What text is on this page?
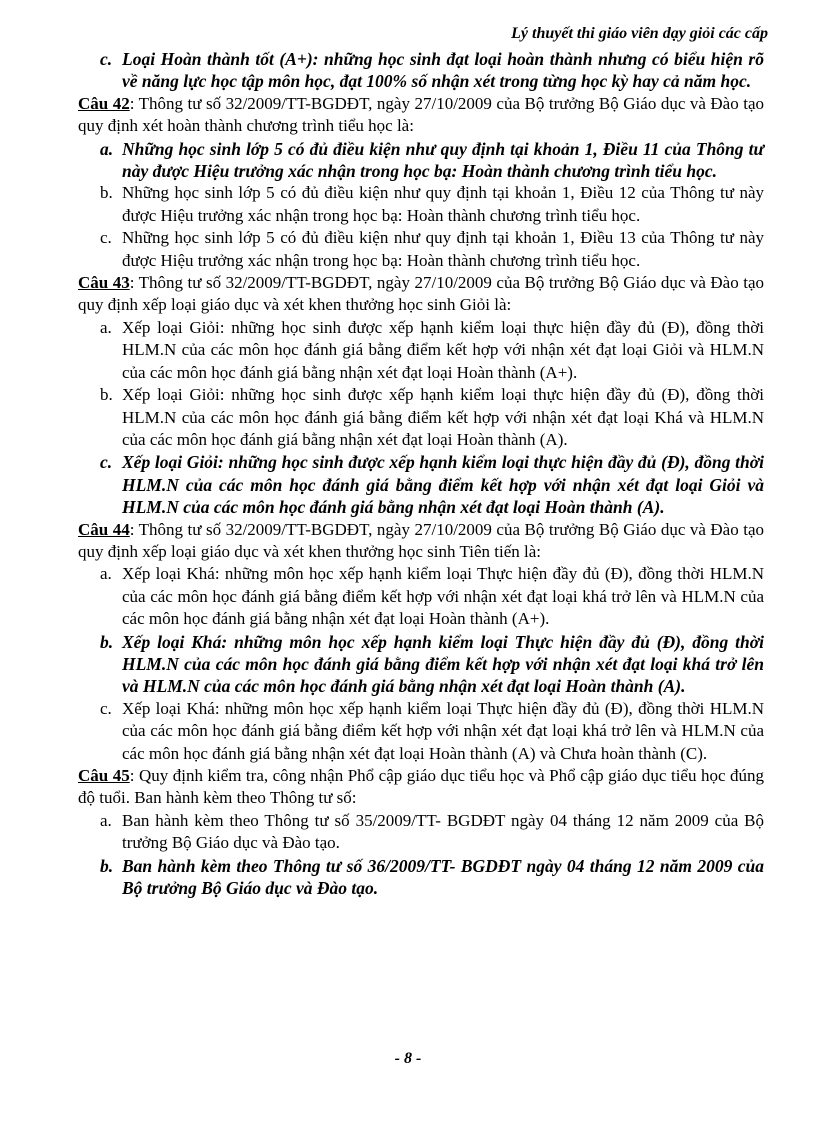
Lý thuyết thi giáo viên dạy giỏi các cấp

c. Loại Hoàn thành tốt (A+): những học sinh đạt loại hoàn thành nhưng có biểu hiện rõ về năng lực học tập môn học, đạt 100% số nhận xét trong từng học kỳ hay cả năm học.

Câu 42: Thông tư số 32/2009/TT-BGDĐT, ngày 27/10/2009 của Bộ trưởng Bộ Giáo dục và Đào tạo quy định xét hoàn thành chương trình tiểu học là:

a. Những học sinh lớp 5 có đủ điều kiện như quy định tại khoản 1, Điều 11 của Thông tư này được Hiệu trưởng xác nhận trong học bạ: Hoàn thành chương trình tiểu học.

b. Những học sinh lớp 5 có đủ điều kiện như quy định tại khoản 1, Điều 12 của Thông tư này được Hiệu trưởng xác nhận trong học bạ: Hoàn thành chương trình tiểu học.

c. Những học sinh lớp 5 có đủ điều kiện như quy định tại khoản 1, Điều 13 của Thông tư này được Hiệu trưởng xác nhận trong học bạ: Hoàn thành chương trình tiểu học.

Câu 43: Thông tư số 32/2009/TT-BGDĐT, ngày 27/10/2009 của Bộ trưởng Bộ Giáo dục và Đào tạo quy định xếp loại giáo dục và xét khen thưởng học sinh Giỏi là:

a. Xếp loại Giỏi: những học sinh được xếp hạnh kiểm loại thực hiện đầy đủ (Đ), đồng thời HLM.N của các môn học đánh giá bằng điểm kết hợp với nhận xét đạt loại Giỏi và HLM.N của các môn học đánh giá bằng nhận xét đạt loại Hoàn thành (A+).

b. Xếp loại Giỏi: những học sinh được xếp hạnh kiểm loại thực hiện đầy đủ (Đ), đồng thời HLM.N của các môn học đánh giá bằng điểm kết hợp với nhận xét đạt loại Khá và HLM.N của các môn học đánh giá bằng nhận xét đạt loại Hoàn thành (A).

c. Xếp loại Giỏi: những học sinh được xếp hạnh kiểm loại thực hiện đầy đủ (Đ), đồng thời HLM.N của các môn học đánh giá bằng điểm kết hợp với nhận xét đạt loại Giỏi và HLM.N của các môn học đánh giá bằng nhận xét đạt loại Hoàn thành (A).

Câu 44: Thông tư số 32/2009/TT-BGDĐT, ngày 27/10/2009 của Bộ trưởng Bộ Giáo dục và Đào tạo quy định xếp loại giáo dục và xét khen thưởng học sinh Tiên tiến là:

a. Xếp loại Khá: những môn học xếp hạnh kiểm loại Thực hiện đầy đủ (Đ), đồng thời HLM.N của các môn học đánh giá bằng điểm kết hợp với nhận xét đạt loại khá trở lên và HLM.N của các môn học đánh giá bằng nhận xét đạt loại Hoàn thành (A+).

b. Xếp loại Khá: những môn học xếp hạnh kiểm loại Thực hiện đầy đủ (Đ), đồng thời HLM.N của các môn học đánh giá bằng điểm kết hợp với nhận xét đạt loại khá trở lên và HLM.N của các môn học đánh giá bằng nhận xét đạt loại Hoàn thành (A).

c. Xếp loại Khá: những môn học xếp hạnh kiểm loại Thực hiện đầy đủ (Đ), đồng thời HLM.N của các môn học đánh giá bằng điểm kết hợp với nhận xét đạt loại khá trở lên và HLM.N của các môn học đánh giá bằng nhận xét đạt loại Hoàn thành (A) và Chưa hoàn thành (C).

Câu 45: Quy định kiểm tra, công nhận Phổ cập giáo dục tiểu học và Phổ cập giáo dục tiểu học đúng độ tuổi. Ban hành kèm theo Thông tư số:

a. Ban hành kèm theo Thông tư số 35/2009/TT- BGDĐT ngày 04 tháng 12 năm 2009 của Bộ trưởng Bộ Giáo dục và Đào tạo.

b. Ban hành kèm theo Thông tư số 36/2009/TT- BGDĐT ngày 04 tháng 12 năm 2009 của Bộ trưởng Bộ Giáo dục và Đào tạo.

- 8 -
